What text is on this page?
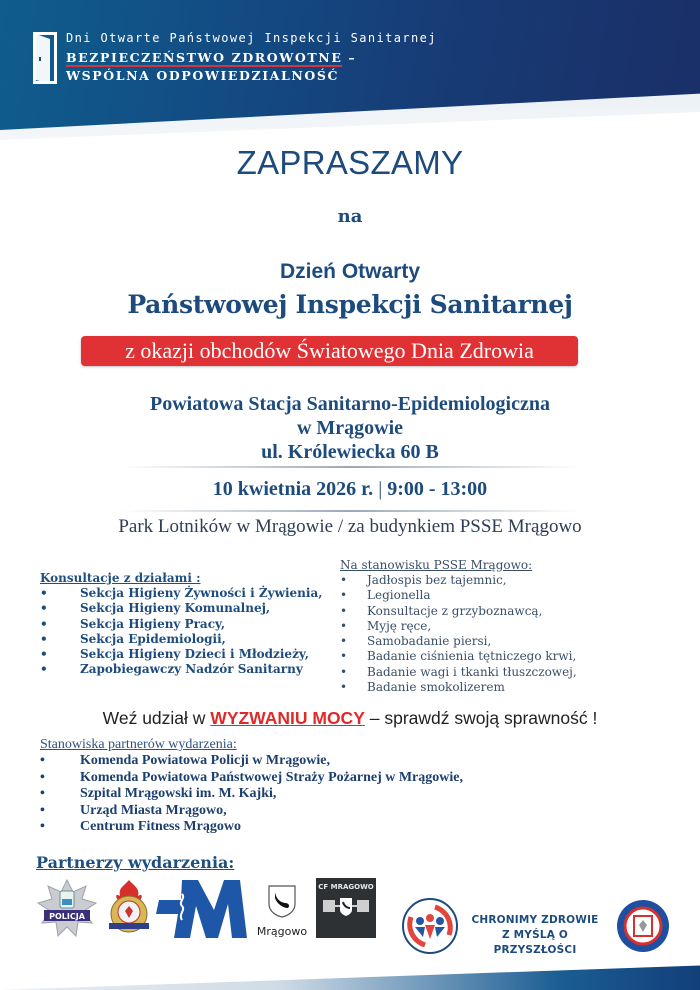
Dni Otwarte Państwowej Inspekcji Sanitarnej
BEZPIECZEŃSTWO ZDROWOTNE –
WSPÓLNA ODPOWIEDZIALNOŚĆ
ZAPRASZAMY
na
Dzień Otwarty
Państwowej Inspekcji Sanitarnej
z okazji obchodów Światowego Dnia Zdrowia
Powiatowa Stacja Sanitarno-Epidemiologiczna
w Mrągowie
ul. Królewiecka 60 B
10 kwietnia 2026 r. | 9:00 - 13:00
Park Lotników w Mrągowie / za budynkiem PSSE Mrągowo
Konsultacje z działami :
•	Sekcja Higieny Żywności i Żywienia,
•	Sekcja Higieny Komunalnej,
•	Sekcja Higieny Pracy,
•	Sekcja Epidemiologii,
•	Sekcja Higieny Dzieci i Młodzieży,
•	Zapobiegawczy Nadzór Sanitarny
Na stanowisku PSSE Mrągowo:
• Jadłospis bez tajemnic,
• Legionella
• Konsultacje z grzyboznawcą,
• Myję ręce,
• Samobadanie piersi,
• Badanie ciśnienia tętniczego krwi,
• Badanie wagi i tkanki tłuszczowej,
• Badanie smokolizerem
Weź udział w WYZWANIU MOCY – sprawdź swoją sprawność !
Stanowiska partnerów wydarzenia:
•	Komenda Powiatowa Policji w Mrągowie,
•	Komenda Powiatowa Państwowej Straży Pożarnej w Mrągowie,
•	Szpital Mrągowski im. M. Kajki,
•	Urząd Miasta Mrągowo,
•	Centrum Fitness Mrągowo
Partnerzy wydarzenia:
POLICJA
Mrągowo
CF MRAGOWO
CHRONIMY ZDROWIE
Z MYŚLĄ O PRZYSZŁOŚCI
